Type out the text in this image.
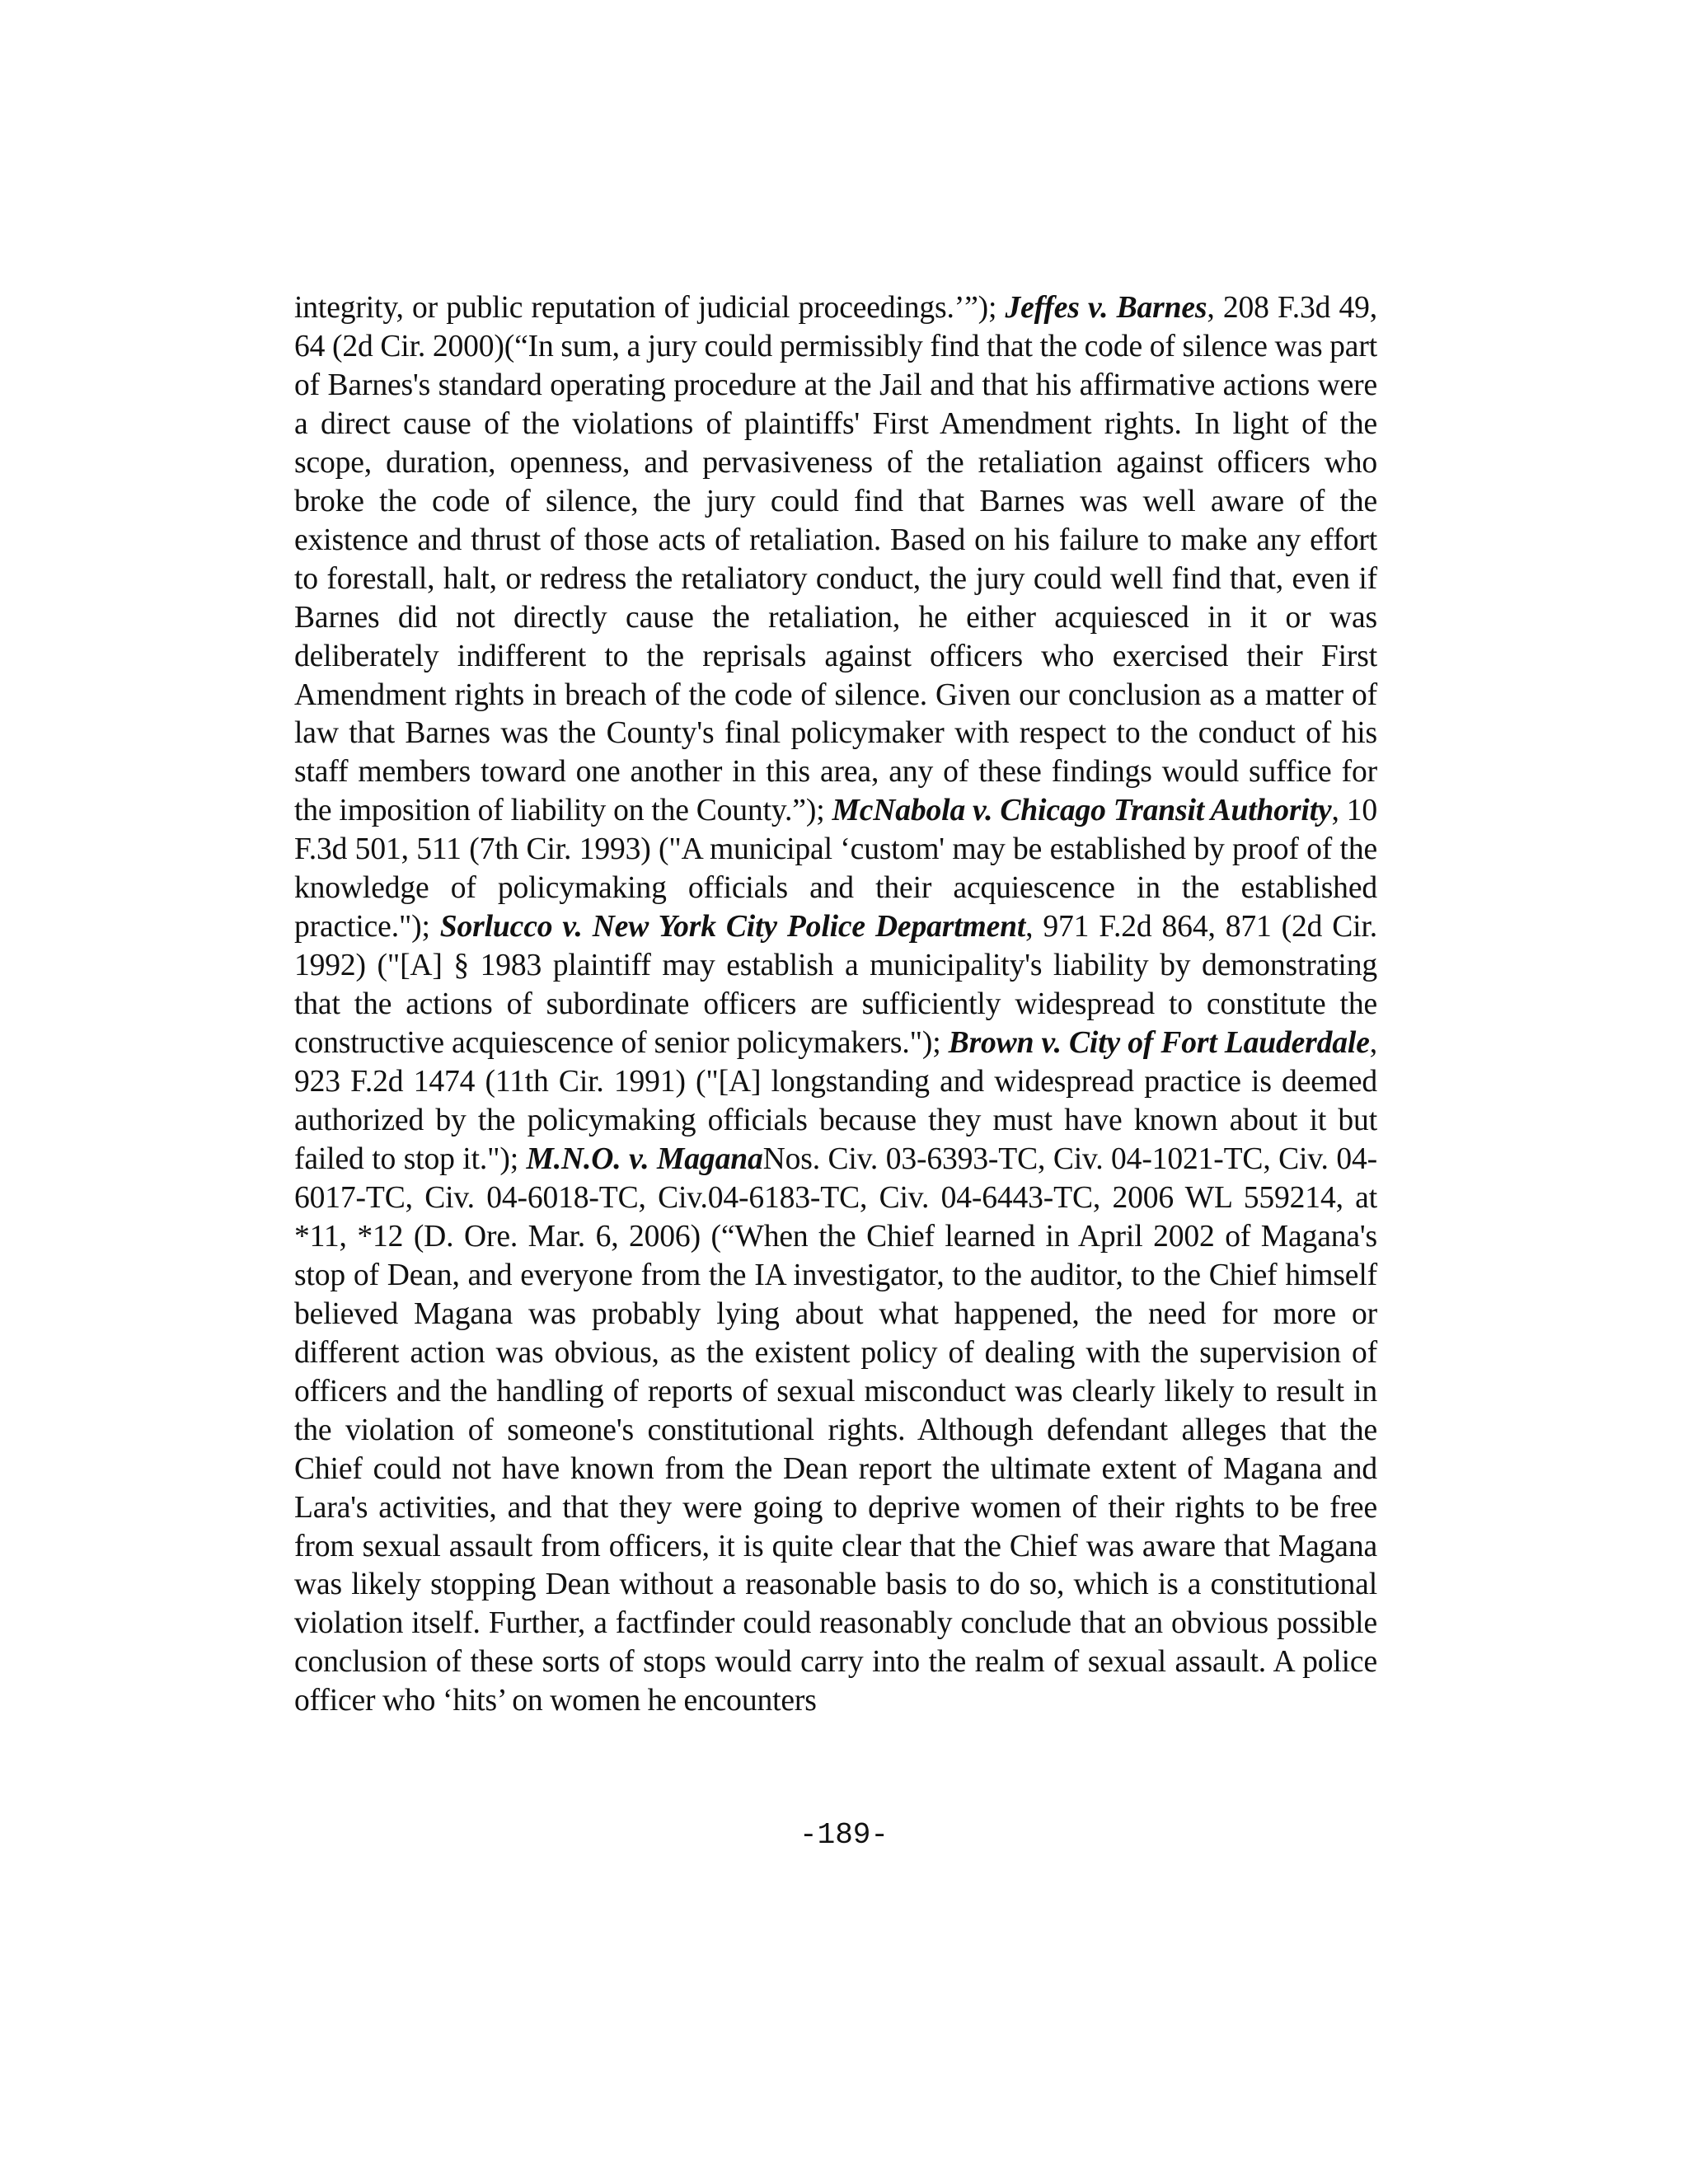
integrity, or public reputation of judicial proceedings.’”); Jeffes v. Barnes, 208 F.3d 49, 64 (2d Cir. 2000)(“In sum, a jury could permissibly find that the code of silence was part of Barnes's standard operating procedure at the Jail and that his affirmative actions were a direct cause of the violations of plaintiffs' First Amendment rights. In light of the scope, duration, openness, and pervasiveness of the retaliation against officers who broke the code of silence, the jury could find that Barnes was well aware of the existence and thrust of those acts of retaliation. Based on his failure to make any effort to forestall, halt, or redress the retaliatory conduct, the jury could well find that, even if Barnes did not directly cause the retaliation, he either acquiesced in it or was deliberately indifferent to the reprisals against officers who exercised their First Amendment rights in breach of the code of silence. Given our conclusion as a matter of law that Barnes was the County's final policymaker with respect to the conduct of his staff members toward one another in this area, any of these findings would suffice for the imposition of liability on the County.”); McNabola v. Chicago Transit Authority, 10 F.3d 501, 511 (7th Cir. 1993) ("A municipal ‘custom' may be established by proof of the knowledge of policymaking officials and their acquiescence in the established practice."); Sorlucco v. New York City Police Department, 971 F.2d 864, 871 (2d Cir. 1992) ("[A] § 1983 plaintiff may establish a municipality's liability by demonstrating that the actions of subordinate officers are sufficiently widespread to constitute the constructive acquiescence of senior policymakers."); Brown v. City of Fort Lauderdale, 923 F.2d 1474 (11th Cir. 1991) ("[A] longstanding and widespread practice is deemed authorized by the policymaking officials because they must have known about it but failed to stop it."); M.N.O. v. MaganaNos. Civ. 03-6393-TC, Civ. 04-1021-TC, Civ. 04-6017-TC, Civ. 04-6018-TC, Civ.04-6183-TC, Civ. 04-6443-TC, 2006 WL 559214, at *11, *12 (D. Ore. Mar. 6, 2006) (“When the Chief learned in April 2002 of Magana's stop of Dean, and everyone from the IA investigator, to the auditor, to the Chief himself believed Magana was probably lying about what happened, the need for more or different action was obvious, as the existent policy of dealing with the supervision of officers and the handling of reports of sexual misconduct was clearly likely to result in the violation of someone's constitutional rights. Although defendant alleges that the Chief could not have known from the Dean report the ultimate extent of Magana and Lara's activities, and that they were going to deprive women of their rights to be free from sexual assault from officers, it is quite clear that the Chief was aware that Magana was likely stopping Dean without a reasonable basis to do so, which is a constitutional violation itself. Further, a factfinder could reasonably conclude that an obvious possible conclusion of these sorts of stops would carry into the realm of sexual assault. A police officer who ‘hits’ on women he encounters
-189-
